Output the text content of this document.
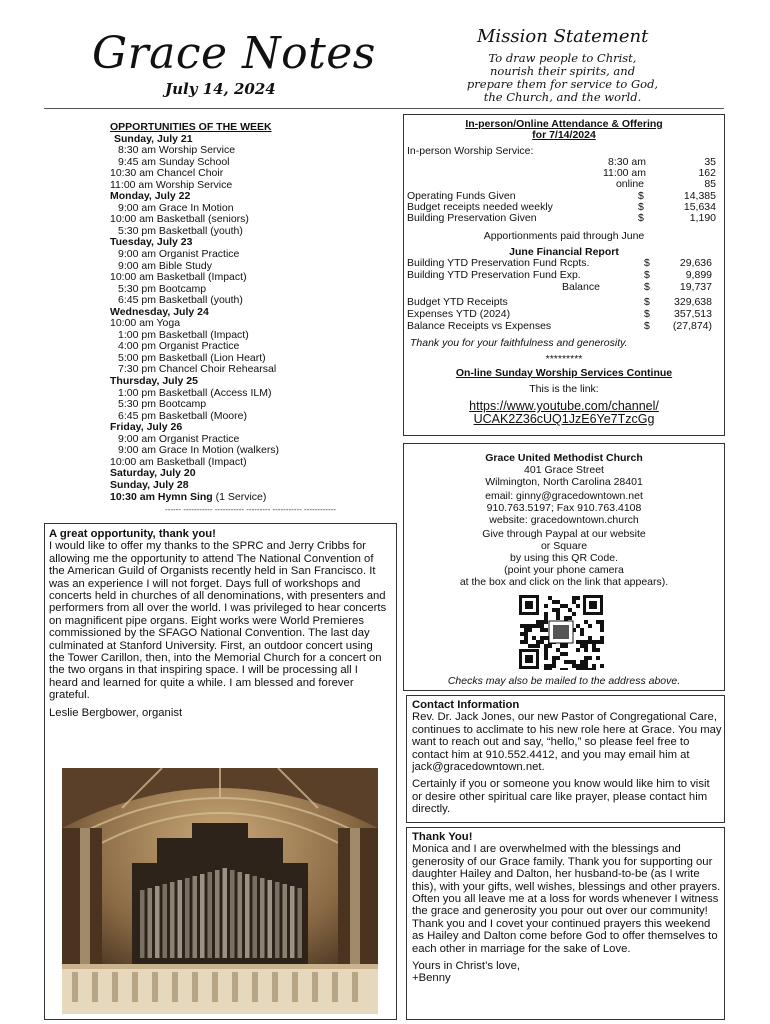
Grace Notes
July 14, 2024
Mission Statement
To draw people to Christ,
nourish their spirits, and
prepare them for service to God,
the Church, and the world.
OPPORTUNITIES OF THE WEEK
Sunday, July 21
8:30 am Worship Service
9:45 am Sunday School
10:30 am Chancel Choir
11:00 am Worship Service
Monday, July 22
9:00 am Grace In Motion
10:00 am Basketball (seniors)
5:30 pm Basketball (youth)
Tuesday, July 23
9:00 am Organist Practice
9:00 am Bible Study
10:00 am Basketball (Impact)
5:30 pm Bootcamp
6:45 pm Basketball (youth)
Wednesday, July 24
10:00 am Yoga
1:00 pm Basketball (Impact)
4:00 pm Organist Practice
5:00 pm Basketball (Lion Heart)
7:30 pm Chancel Choir Rehearsal
Thursday, July 25
1:00 pm Basketball (Access ILM)
5:30 pm Bootcamp
6:45 pm Basketball (Moore)
Friday, July 26
9:00 am Organist Practice
9:00 am Grace In Motion (walkers)
10:00 am Basketball (Impact)
Saturday, July 20
Sunday, July 28
10:30 am Hymn Sing (1 Service)
------ ----------- ----------- --------- ----------- ------------
In-person/Online Attendance & Offering
for 7/14/2024
In-person Worship Service:
8:30 am	35
11:00 am	162
online	85
Operating Funds Given	$	14,385
Budget receipts needed weekly	$	15,634
Building Preservation Given	$	1,190
Apportionments paid through June
June Financial Report
Building YTD Preservation Fund Rcpts.	$	29,636
Building YTD Preservation Fund Exp.	$	9,899
Balance	$	19,737
Budget YTD Receipts	$ 329,638
Expenses YTD (2024)	$ 357,513
Balance Receipts vs Expenses	$ (27,874)
Thank you for your faithfulness and generosity.
*********
On-line Sunday Worship Services Continue
This is the link:
https://www.youtube.com/channel/
UCAK2Z36cUQ1JzE6Ye7TzcGg
Grace United Methodist Church
401 Grace Street
Wilmington, North Carolina 28401
email: ginny@gracedowntown.net
910.763.5197; Fax 910.763.4108
website: gracedowntown.church
Give through Paypal at our website
or Square
by using this QR Code.
(point your phone camera
at the box and click on the link that appears).
Checks may also be mailed to the address above.
A great opportunity, thank you!
I would like to offer my thanks to the SPRC and Jerry Cribbs for allowing me the opportunity to attend The National Convention of the American Guild of Organists recently held in San Francisco. It was an experience I will not forget. Days full of workshops and concerts held in churches of all denominations, with presenters and performers from all over the world. I was privileged to hear concerts on magnificent pipe organs. Eight works were World Premieres commissioned by the SFAGO National Convention. The last day culminated at Stanford University. First, an outdoor concert using the Tower Carillon, then, into the Memorial Church for a concert on the two organs in that inspiring space. I will be processing all I heard and learned for quite a while. I am blessed and forever grateful.
Leslie Bergbower, organist
Contact Information
Rev. Dr. Jack Jones, our new Pastor of Congregational Care, continues to acclimate to his new role here at Grace. You may want to reach out and say, “hello,” so please feel free to contact him at 910.552.4412, and you may email him at jack@gracedowntown.net.
Certainly if you or someone you know would like him to visit or desire other spiritual care like prayer, please contact him directly.
Thank You!
Monica and I are overwhelmed with the blessings and generosity of our Grace family. Thank you for supporting our daughter Hailey and Dalton, her husband-to-be (as I write this), with your gifts, well wishes, blessings and other prayers. Often you all leave me at a loss for words whenever I witness the grace and generosity you pour out over our community! Thank you and I covet your continued prayers this weekend as Hailey and Dalton come before God to offer themselves to each other in marriage for the sake of Love.
Yours in Christ’s love,
+Benny
